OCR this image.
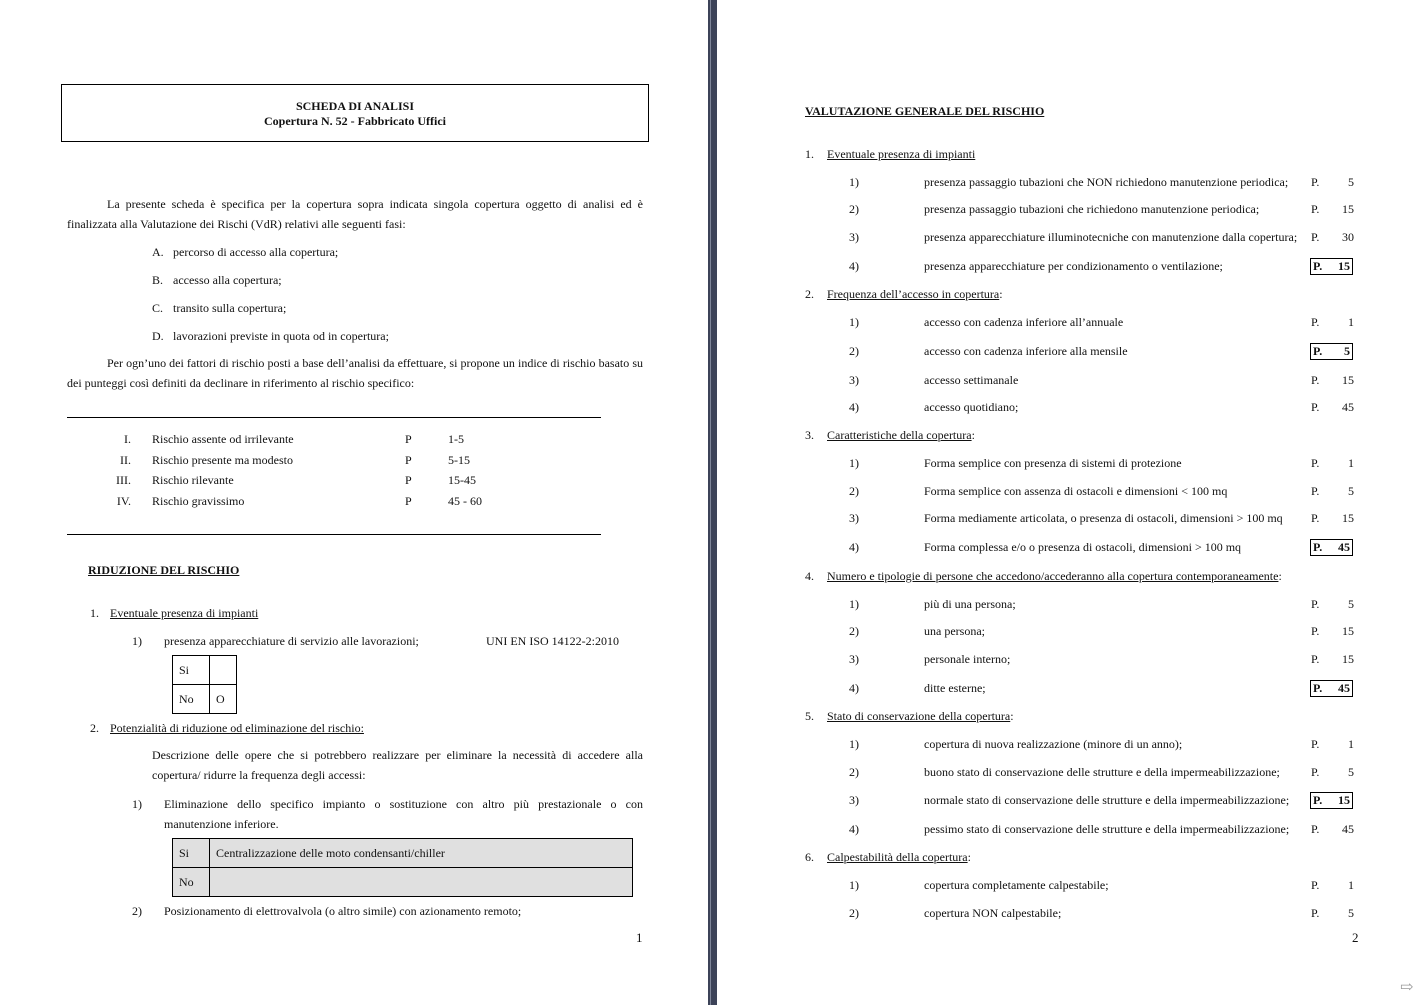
SCHEDA DI ANALISI
Copertura N. 52 - Fabbricato Uffici
La presente scheda è specifica per la copertura sopra indicata singola copertura oggetto di analisi ed è finalizzata alla Valutazione dei Rischi (VdR) relativi alle seguenti fasi:
A. percorso di accesso alla copertura;
B. accesso alla copertura;
C. transito sulla copertura;
D. lavorazioni previste in quota od in copertura;
Per ogn’uno dei fattori di rischio posti a base dell’analisi da effettuare, si propone un indice di rischio basato su dei punteggi così definiti da declinare in riferimento al rischio specifico:
I. Rischio assente od irrilevante	P	1-5
II. Rischio presente ma modesto	P	5-15
III. Rischio rilevante	P	15-45
IV. Rischio gravissimo	P	45 - 60
RIDUZIONE DEL RISCHIO
1. Eventuale presenza di impianti
1) presenza apparecchiature di servizio alle lavorazioni;	UNI EN ISO 14122-2:2010
Si	
No	O
2. Potenzialità di riduzione od eliminazione del rischio:
Descrizione delle opere che si potrebbero realizzare per eliminare la necessità di accedere alla copertura/ ridurre la frequenza degli accessi:
1) Eliminazione dello specifico impianto o sostituzione con altro più prestazionale o con manutenzione inferiore.
Si	Centralizzazione delle moto condensanti/chiller
No	
2) Posizionamento di elettrovalvola (o altro simile) con azionamento remoto;
1
VALUTAZIONE GENERALE DEL RISCHIO
1. Eventuale presenza di impianti
1)	presenza passaggio tubazioni che NON richiedono manutenzione periodica; P. 5
2)	presenza passaggio tubazioni che richiedono manutenzione periodica;	P. 15
3)	presenza apparecchiature illuminotecniche con manutenzione dalla copertura; P. 30
4)	presenza apparecchiature per condizionamento o ventilazione;	P. 15
2. Frequenza dell’accesso in copertura:
1)	accesso con cadenza inferiore all’annuale	P. 1
2)	accesso con cadenza inferiore alla mensile	P. 5
3)	accesso settimanale	P. 15
4)	accesso quotidiano;	P. 45
3. Caratteristiche della copertura:
1)	Forma semplice con presenza di sistemi di protezione	P. 1
2)	Forma semplice con assenza di ostacoli e dimensioni < 100 mq	P. 5
3)	Forma mediamente articolata, o presenza di ostacoli, dimensioni > 100 mq P. 15
4)	Forma complessa e/o o presenza di ostacoli, dimensioni > 100 mq	P. 45
4. Numero e tipologie di persone che accedono/accederanno alla copertura contemporaneamente:
1)	più di una persona;	P. 5
2)	una persona;	P. 15
3)	personale interno;	P. 15
4)	ditte esterne;	P. 45
5. Stato di conservazione della copertura:
1)	copertura di nuova realizzazione (minore di un anno);	P. 1
2)	buono stato di conservazione delle strutture e della impermeabilizzazione;	P. 5
3)	normale stato di conservazione delle strutture e della impermeabilizzazione; P. 15
4)	pessimo stato di conservazione delle strutture e della impermeabilizzazione; P. 45
6. Calpestabilità della copertura:
1)	copertura completamente calpestabile;	P. 1
2)	copertura NON calpestabile;	P. 5
2
⇨
